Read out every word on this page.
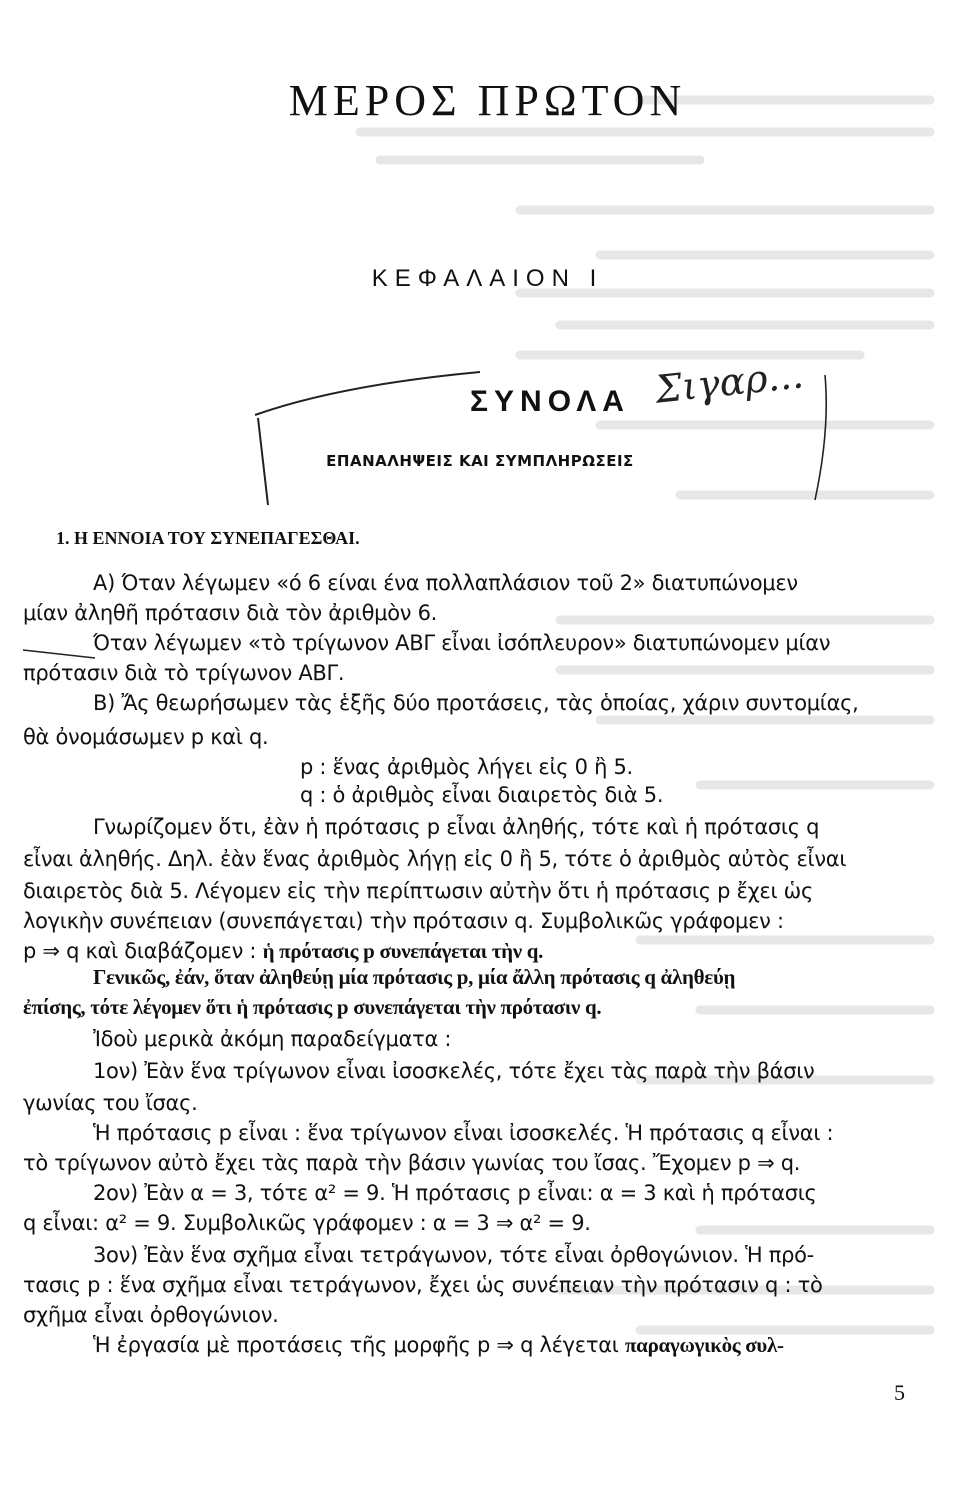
ΜΕΡΟΣ ΠΡΩΤΟΝ
ΚΕΦΑΛΑΙΟΝ Ι
Σιγαρ...
ΣΥΝΟΛΑ
ΕΠΑΝΑΛΗΨΕΙΣ ΚΑΙ ΣΥΜΠΛΗΡΩΣΕΙΣ
1. Η ΕΝΝΟΙΑ ΤΟΥ ΣΥΝΕΠΑΓΕΣΘΑΙ.
A) Όταν λέγωμεν «ό 6 είναι ένα πολλαπλάσιον τοῦ 2» διατυπώνομεν
μίαν ἀληθῆ πρότασιν διὰ τὸν ἀριθμὸν 6.
Όταν λέγωμεν «τὸ τρίγωνον ΑΒΓ εἶναι ἰσόπλευρον» διατυπώνομεν μίαν
πρότασιν διὰ τὸ τρίγωνον ΑΒΓ.
B) Ἄς θεωρήσωμεν τὰς ἑξῆς δύο προτάσεις, τὰς ὁποίας, χάριν συντομίας,
θὰ ὀνομάσωμεν p καὶ q.
p : ἕνας ἀριθμὸς λήγει εἰς 0 ἢ 5.
q : ὁ ἀριθμὸς εἶναι διαιρετὸς διὰ 5.
Γνωρίζομεν ὅτι, ἐὰν ἡ πρότασις p εἶναι ἀληθής, τότε καὶ ἡ πρότασις q
εἶναι ἀληθής. Δηλ. ἐὰν ἕνας ἀριθμὸς λήγῃ εἰς 0 ἢ 5, τότε ὁ ἀριθμὸς αὐτὸς εἶναι
διαιρετὸς διὰ 5. Λέγομεν εἰς τὴν περίπτωσιν αὐτὴν ὅτι ἡ πρότασις p ἔχει ὡς
λογικὴν συνέπειαν (συνεπάγεται) τὴν πρότασιν q. Συμβολικῶς γράφομεν :
p ⇒ q καὶ διαβάζομεν : ἡ πρότασις p συνεπάγεται τὴν q.
Γενικῶς, ἐάν, ὅταν ἀληθεύῃ μία πρότασις p, μία ἄλλη πρότασις q ἀληθεύῃ
ἐπίσης, τότε λέγομεν ὅτι ἡ πρότασις p συνεπάγεται τὴν πρότασιν q.
Ἰδοὺ μερικὰ ἀκόμη παραδείγματα :
1ον) Ἐὰν ἕνα τρίγωνον εἶναι ἰσοσκελές, τότε ἔχει τὰς παρὰ τὴν βάσιν
γωνίας του ἴσας.
Ἡ πρότασις p εἶναι : ἕνα τρίγωνον εἶναι ἰσοσκελές. Ἡ πρότασις q εἶναι :
τὸ τρίγωνον αὐτὸ ἔχει τὰς παρὰ τὴν βάσιν γωνίας του ἴσας. Ἔχομεν p ⇒ q.
2ον) Ἐὰν α = 3, τότε α² = 9. Ἡ πρότασις p εἶναι: α = 3 καὶ ἡ πρότασις
q εἶναι: α² = 9. Συμβολικῶς γράφομεν : α = 3 ⇒ α² = 9.
3ον) Ἐὰν ἕνα σχῆμα εἶναι τετράγωνον, τότε εἶναι ὀρθογώνιον. Ἡ πρό-
τασις p : ἕνα σχῆμα εἶναι τετράγωνον, ἔχει ὡς συνέπειαν τὴν πρότασιν q : τὸ
σχῆμα εἶναι ὀρθογώνιον.
Ἡ ἐργασία μὲ προτάσεις τῆς μορφῆς p ⇒ q λέγεται παραγωγικὸς συλ-
5
